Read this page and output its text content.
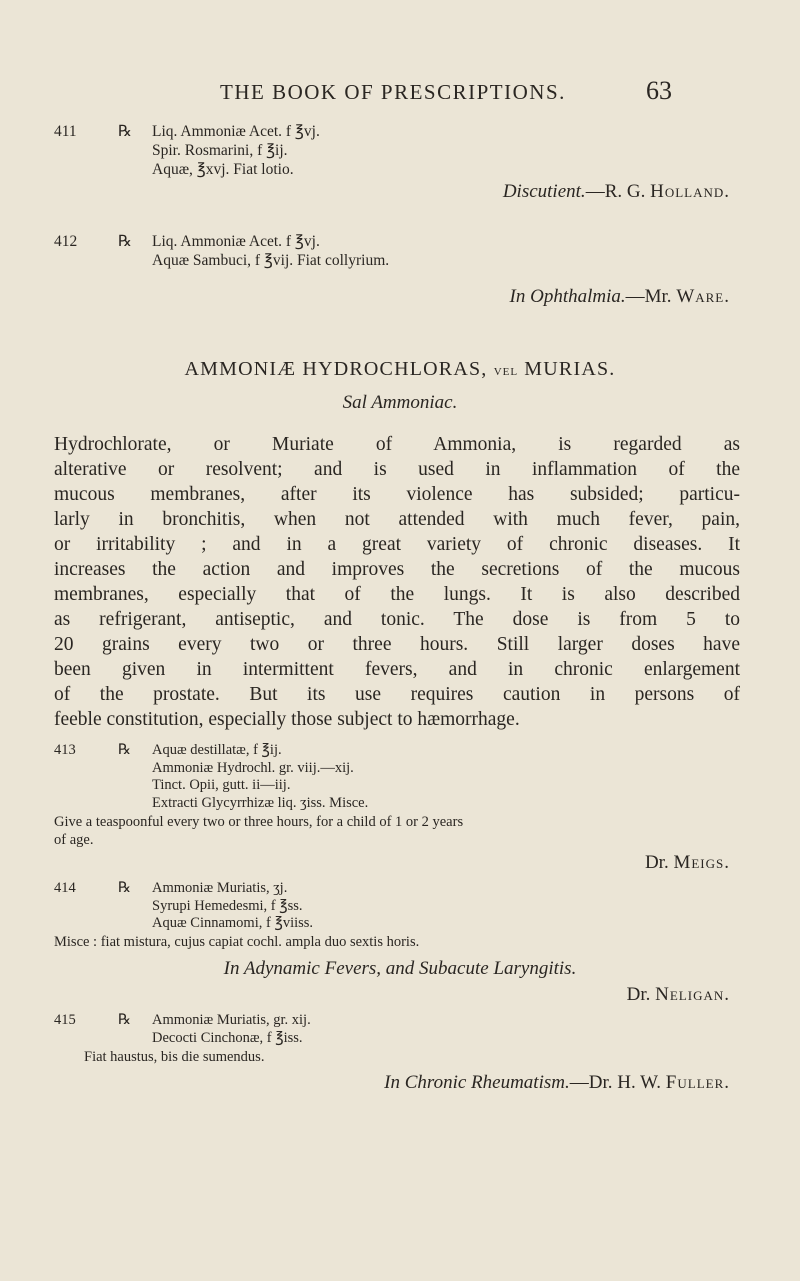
THE BOOK OF PRESCRIPTIONS.	63
411	℞ Liq. Ammoniæ Acet. f ℥vj.
Spir. Rosmarini, f ℥ij.
Aquæ, ℥xvj. Fiat lotio.
Discutient.—R. G. Holland.
412	℞ Liq. Ammoniæ Acet. f ℥vj.
Aquæ Sambuci, f ℥vij. Fiat collyrium.
In Ophthalmia.—Mr. Ware.
AMMONIÆ HYDROCHLORAS, vel MURIAS.
Sal Ammoniac.
Hydrochlorate, or Muriate of Ammonia, is regarded as
alterative or resolvent; and is used in inflammation of the
mucous membranes, after its violence has subsided; particu-
larly in bronchitis, when not attended with much fever, pain,
or irritability ; and in a great variety of chronic diseases. It
increases the action and improves the secretions of the mucous
membranes, especially that of the lungs. It is also described
as refrigerant, antiseptic, and tonic. The dose is from 5 to
20 grains every two or three hours. Still larger doses have
been given in intermittent fevers, and in chronic enlargement
of the prostate. But its use requires caution in persons of
feeble constitution, especially those subject to hæmorrhage.
413	℞ Aquæ destillatæ, f ℥ij.
Ammoniæ Hydrochl. gr. viij.—xij.
Tinct. Opii, gutt. ii—iij.
Extracti Glycyrrhizæ liq. ʒiss. Misce.
Give a teaspoonful every two or three hours, for a child of 1 or 2 years
of age.
Dr. Meigs.
414	℞ Ammoniæ Muriatis, ʒj.
Syrupi Hemedesmi, f ℥ss.
Aquæ Cinnamomi, f ℥viiss.
Misce : fiat mistura, cujus capiat cochl. ampla duo sextis horis.
In Adynamic Fevers, and Subacute Laryngitis.
Dr. Neligan.
415	℞ Ammoniæ Muriatis, gr. xij.
Decocti Cinchonæ, f ℥iss.
Fiat haustus, bis die sumendus.
In Chronic Rheumatism.—Dr. H. W. Fuller.
